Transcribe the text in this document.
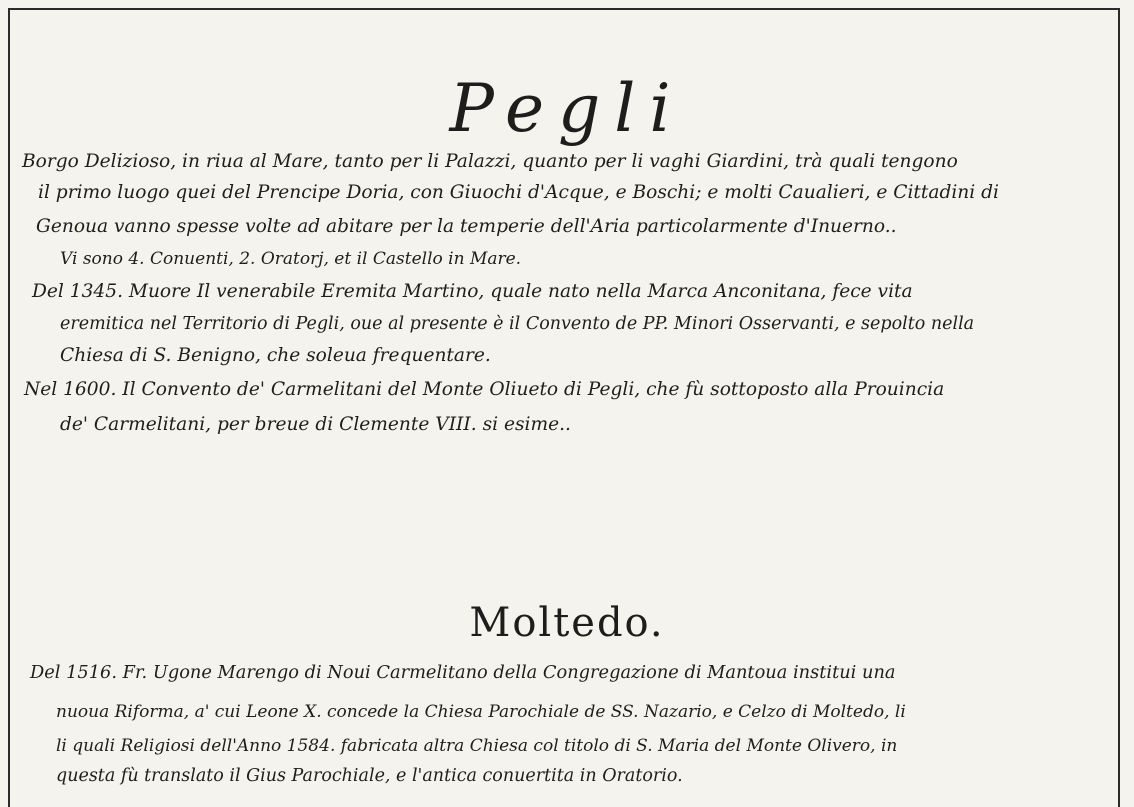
Pegli

Borgo Delizioso, in riua al Mare, tanto per li Palazzi, quanto per li vaghi Giardini, trà quali tengono

il primo luogo quei del Prencipe Doria, con Giuochi d'Acque, e Boschi; e molti Caualieri, e Cittadini di

Genoua vanno spesse volte ad abitare per la temperie dell'Aria particolarmente d'Inuerno..

Vi sono 4. Conuenti, 2. Oratorj, et il Castello in Mare.

Del 1345. Muore Il venerabile Eremita Martino, quale nato nella Marca Anconitana, fece vita

eremitica nel Territorio di Pegli, oue al presente è il Convento de PP. Minori Osservanti, e sepolto nella

Chiesa di S. Benigno, che soleua frequentare.

Nel 1600. Il Convento de' Carmelitani del Monte Oliueto di Pegli, che fù sottoposto alla Prouincia

de' Carmelitani, per breue di Clemente VIII. si esime..

Moltedo.

Del 1516. Fr. Ugone Marengo di Noui Carmelitano della Congregazione di Mantoua institui una

nuoua Riforma, a' cui Leone X. concede la Chiesa Parochiale de SS. Nazario, e Celzo di Moltedo, li

li quali Religiosi dell'Anno 1584. fabricata altra Chiesa col titolo di S. Maria del Monte Olivero, in

questa fù translato il Gius Parochiale, e l'antica conuertita in Oratorio.
